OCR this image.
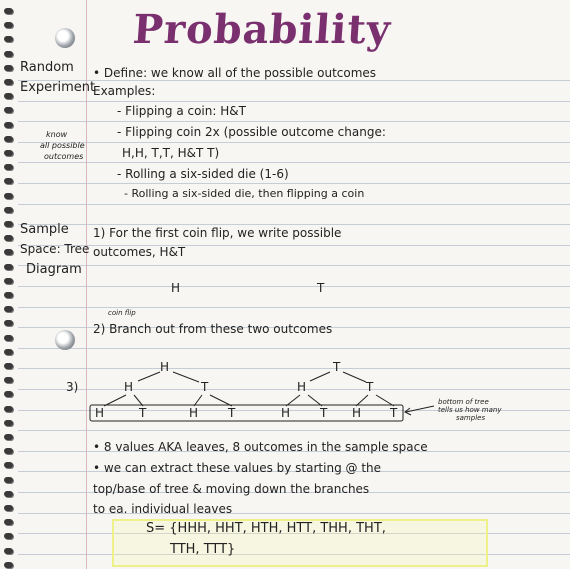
Probability
Random
Experiment
know
all possible
outcomes
Sample
Space: Tree
Diagram
• Define: we know all of the possible outcomes
Examples:
- Flipping a coin: H&T
- Flipping coin 2x (possible outcome change:
H,H, T,T, H&T T)
- Rolling a six-sided die (1-6)
- Rolling a six-sided die, then flipping a coin
1) For the first coin flip, we write possible
outcomes, H&T
H	T
coin flip
2) Branch out from these two outcomes
3)
H	T
H	T	H	T
H	T	H T	H T H T
bottom of tree
tells us how many
samples
• 8 values AKA leaves, 8 outcomes in the sample space
• we can extract these values by starting @ the
top/base of tree & moving down the branches
to ea. individual leaves
S= {HHH, HHT, HTH, HTT, THH, THT,
TTH, TTT}
